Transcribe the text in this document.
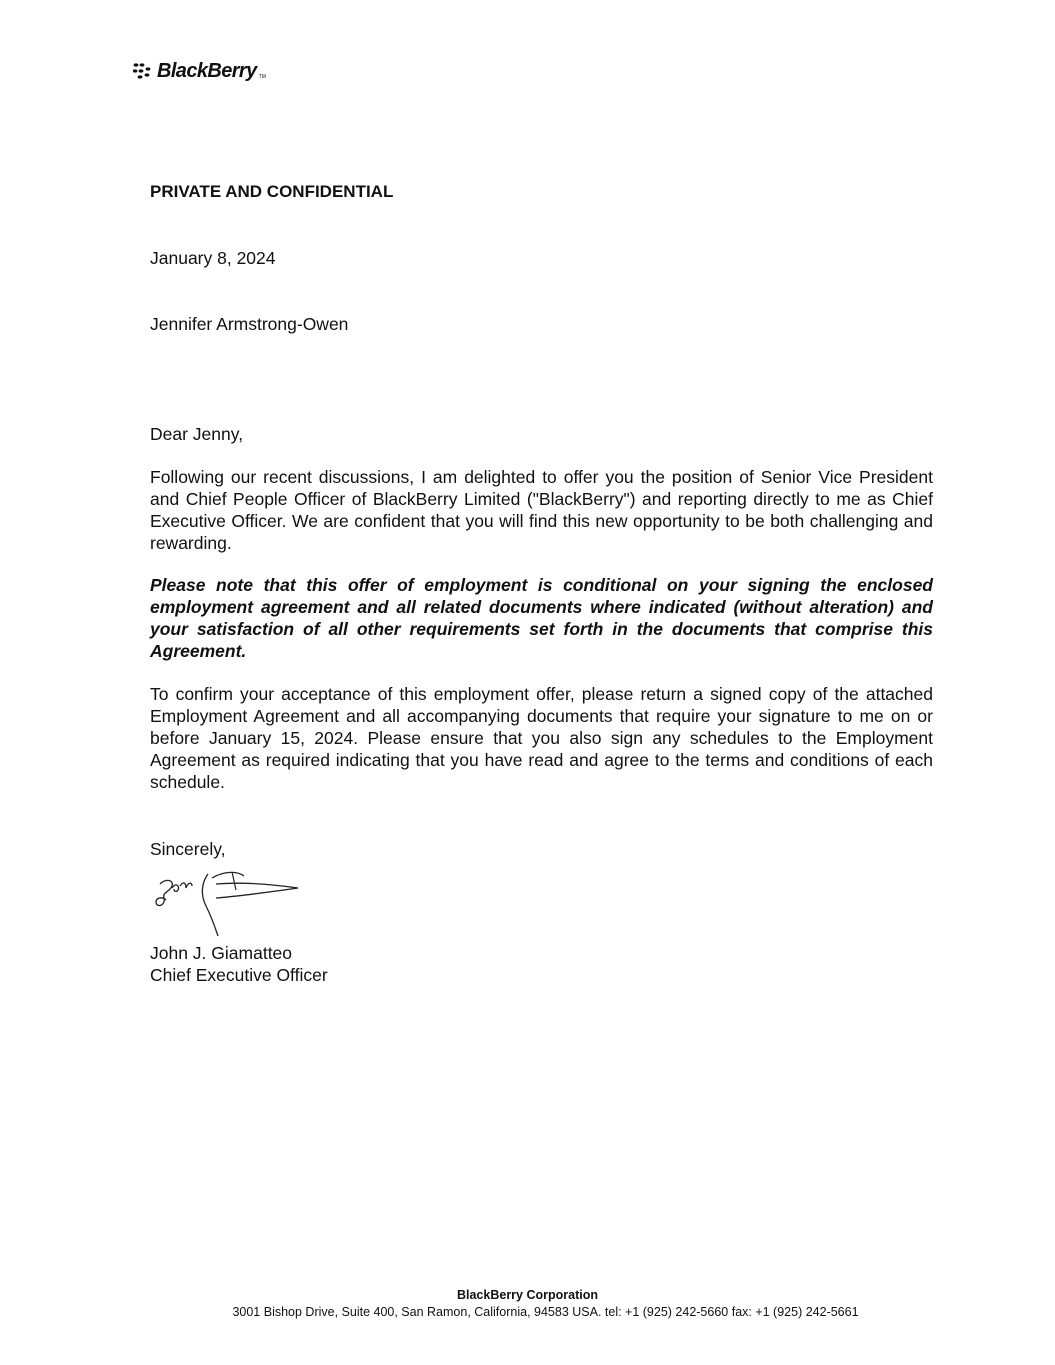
BlackBerry TM

PRIVATE AND CONFIDENTIAL

January 8, 2024

Jennifer Armstrong-Owen

Dear Jenny,

Following our recent discussions, I am delighted to offer you the position of Senior Vice President and Chief People Officer of BlackBerry Limited ("BlackBerry") and reporting directly to me as Chief Executive Officer. We are confident that you will find this new opportunity to be both challenging and rewarding.

Please note that this offer of employment is conditional on your signing the enclosed employment agreement and all related documents where indicated (without alteration) and your satisfaction of all other requirements set forth in the documents that comprise this Agreement.

To confirm your acceptance of this employment offer, please return a signed copy of the attached Employment Agreement and all accompanying documents that require your signature to me on or before January 15, 2024. Please ensure that you also sign any schedules to the Employment Agreement as required indicating that you have read and agree to the terms and conditions of each schedule.

Sincerely,

John J. Giamatteo

Chief Executive Officer

BlackBerry Corporation
3001 Bishop Drive, Suite 400, San Ramon, California, 94583 USA. tel: +1 (925) 242-5660 fax: +1 (925) 242-5661
